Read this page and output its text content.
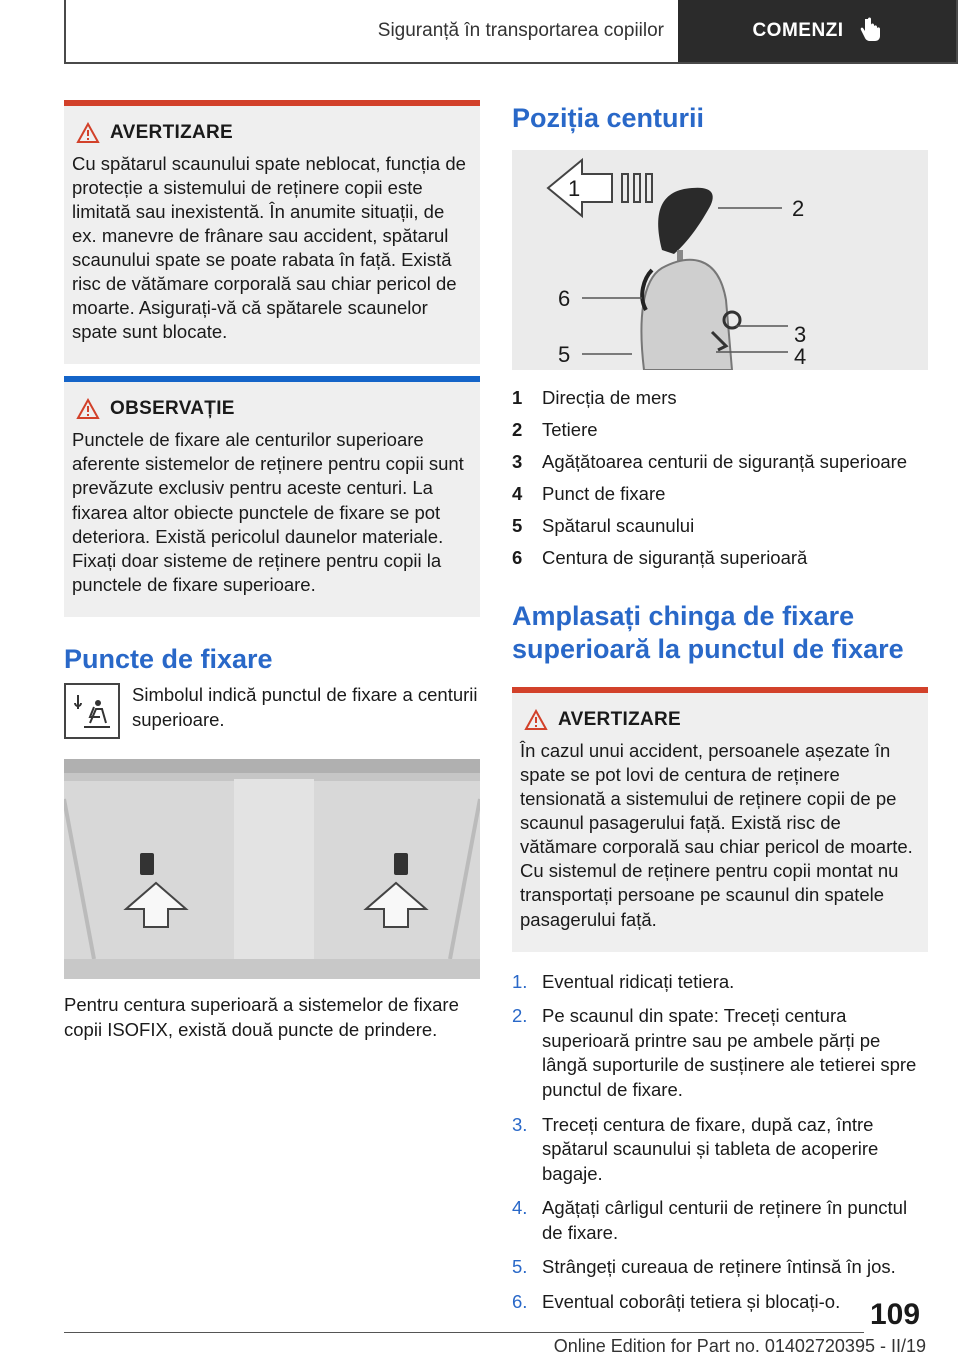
Siguranță în transportarea copiilor	COMENZI
AVERTIZARE

Cu spătarul scaunului spate neblocat, funcția de protecție a sistemului de reținere copii este limitată sau inexistentă. În anumite situații, de ex. manevre de frânare sau accident, spătarul scaunului spate se poate rabata în față. Există risc de vătămare corporală sau chiar pericol de moarte. Asigurați-vă că spătarele scaunelor spate sunt blocate.

OBSERVAȚIE

Punctele de fixare ale centurilor superioare aferente sistemelor de reținere pentru copii sunt prevăzute exclusiv pentru aceste centuri. La fixarea altor obiecte punctele de fixare se pot deteriora. Există pericolul daunelor materiale. Fixați doar sisteme de reținere pentru copii la punctele de fixare superioare.

Puncte de fixare

Simbolul indică punctul de fixare a centurii superioare.

Pentru centura superioară a sistemelor de fixare copii ISOFIX, există două puncte de prindere.

Poziția centurii
1
2
6
3
4
5
1	Direcția de mers
2	Tetiere
3	Agățătoarea centurii de siguranță superioare
4	Punct de fixare
5	Spătarul scaunului
6	Centura de siguranță superioară
Amplasați chinga de fixare superioară la punctul de fixare
AVERTIZARE

În cazul unui accident, persoanele așezate în spate se pot lovi de centura de reținere tensionată a sistemului de reținere copii de pe scaunul pasagerului față. Există risc de vătămare corporală sau chiar pericol de moarte. Cu sistemul de reținere pentru copii montat nu transportați persoane pe scaunul din spatele pasagerului față.

1. Eventual ridicați tetiera.
2. Pe scaunul din spate: Treceți centura superioară printre sau pe ambele părți pe lângă suporturile de susținere ale tetierei spre punctul de fixare.
3. Treceți centura de fixare, după caz, între spătarul scaunului și tableta de acoperire bagaje.
4. Agățați cârligul centurii de reținere în punctul de fixare.
5. Strângeți cureaua de reținere întinsă în jos.
6. Eventual coborâți tetiera și blocați-o. 109
Online Edition for Part no. 01402720395 - II/19
